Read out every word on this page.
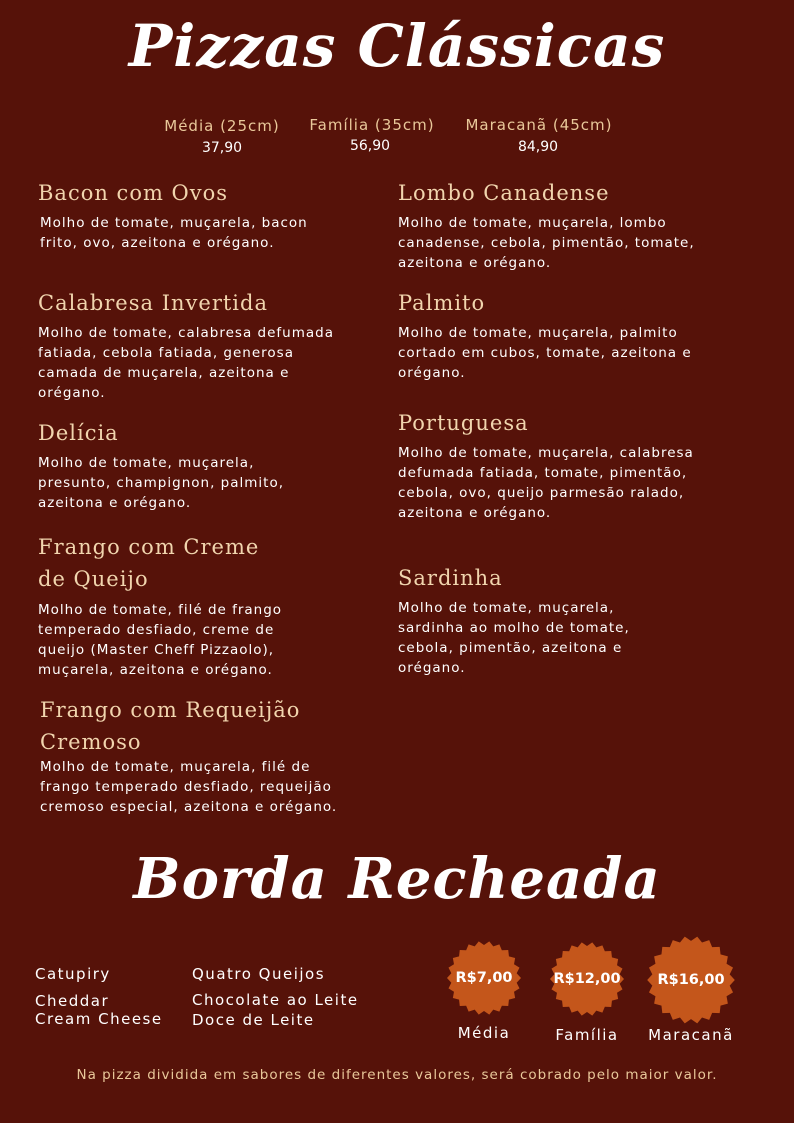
Pizzas Clássicas
Média (25cm)
37,90
Família (35cm)
56,90
Maracanã (45cm)
84,90
Bacon com Ovos
Molho de tomate, muçarela, bacon frito, ovo, azeitona e orégano.
Calabresa Invertida
Molho de tomate, calabresa defumada fatiada, cebola fatiada, generosa camada de muçarela, azeitona e orégano.
Delícia
Molho de tomate, muçarela, presunto, champignon, palmito, azeitona e orégano.
Frango com Creme de Queijo
Molho de tomate, filé de frango temperado desfiado, creme de queijo (Master Cheff Pizzaolo), muçarela, azeitona e orégano.
Frango com Requeijão Cremoso
Molho de tomate, muçarela, filé de frango temperado desfiado, requeijão cremoso especial, azeitona e orégano.
Lombo Canadense
Molho de tomate, muçarela, lombo canadense, cebola, pimentão, tomate, azeitona e orégano.
Palmito
Molho de tomate, muçarela, palmito cortado em cubos, tomate, azeitona e orégano.
Portuguesa
Molho de tomate, muçarela, calabresa defumada fatiada, tomate, pimentão, cebola, ovo, queijo parmesão ralado, azeitona e orégano.
Sardinha
Molho de tomate, muçarela, sardinha ao molho de tomate, cebola, pimentão, azeitona e orégano.
Borda Recheada
Catupiry
Cheddar
Cream Cheese
Quatro Queijos
Chocolate ao Leite
Doce de Leite
R$7,00	R$12,00	R$16,00
Média	Família	Maracanã
Na pizza dividida em sabores de diferentes valores, será cobrado pelo maior valor.
